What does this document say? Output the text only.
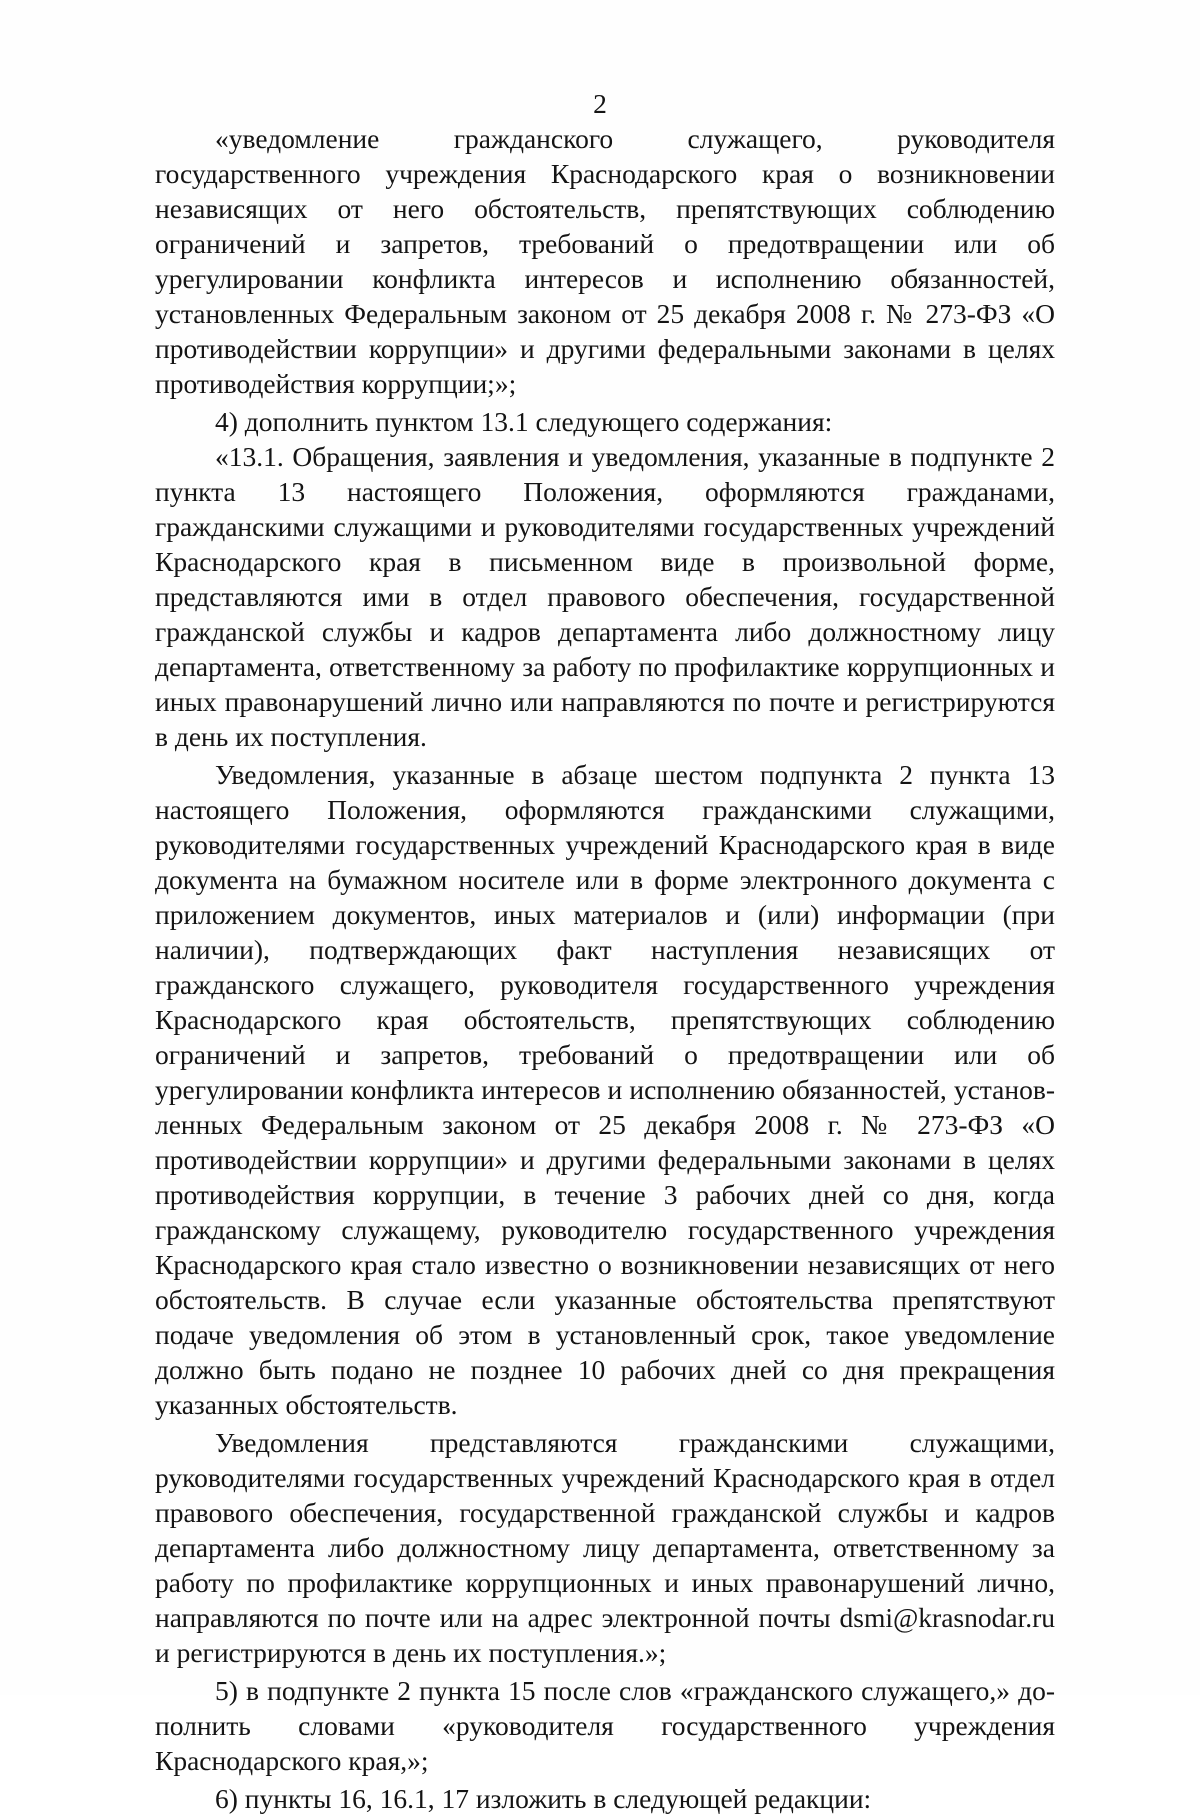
2

«уведомление гражданского служащего, руководителя государственного учреждения Краснодарского края о возникновении независящих от него обстоятельств, препятствующих соблюдению ограничений и запретов, требований о предотвращении или об урегулировании конфликта интересов и исполнению обязанностей, установленных Федеральным законом от 25 декабря 2008 г. № 273-ФЗ «О противодействии коррупции» и другими федеральными законами в целях противодействия коррупции;»;

4) дополнить пунктом 13.1 следующего содержания:

«13.1. Обращения, заявления и уведомления, указанные в подпункте 2 пункта 13 настоящего Положения, оформляются гражданами, гражданскими служащими и руководителями государственных учреждений Краснодарского края в письменном виде в произвольной форме, представляются ими в отдел правового обеспечения, государственной гражданской службы и кадров департамента либо должностному лицу департамента, ответственному за работу по профилактике коррупционных и иных правонарушений лично или направляются по почте и регистрируются в день их поступления.

Уведомления, указанные в абзаце шестом подпункта 2 пункта 13 настоящего Положения, оформляются гражданскими служащими, руководителями государственных учреждений Краснодарского края в виде документа на бумажном носителе или в форме электронного документа с приложением документов, иных материалов и (или) информации (при наличии), подтверждающих факт наступления независящих от гражданского служащего, руководителя государственного учреждения Краснодарского края обстоятельств, препятствующих соблюдению ограничений и запретов, требований о предотвращении или об урегулировании конфликта интересов и исполнению обязанностей, установленных Федеральным законом от 25 декабря 2008 г. № 273-ФЗ «О противодействии коррупции» и другими федеральными законами в целях противодействия коррупции, в течение 3 рабочих дней со дня, когда гражданскому служащему, руководителю государственного учреждения Краснодарского края стало известно о возникновении независящих от него обстоятельств. В случае если указанные обстоятельства препятствуют подаче уведомления об этом в установленный срок, такое уведомление должно быть подано не позднее 10 рабочих дней со дня прекращения указанных обстоятельств.

Уведомления представляются гражданскими служащими, руководителями государственных учреждений Краснодарского края в отдел правового обеспечения, государственной гражданской службы и кадров департамента либо должностному лицу департамента, ответственному за работу по профилактике коррупционных и иных правонарушений лично, направляются по почте или на адрес электронной почты dsmi@krasnodar.ru и регистрируются в день их поступления.»;

5) в подпункте 2 пункта 15 после слов «гражданского служащего,» дополнить словами «руководителя государственного учреждения Краснодарского края,»;

6) пункты 16, 16.1, 17 изложить в следующей редакции:
